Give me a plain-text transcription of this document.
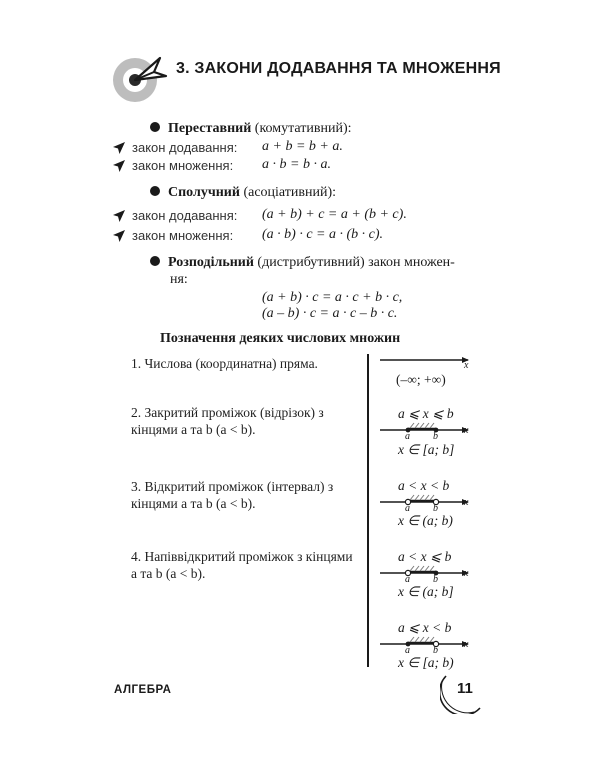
3. ЗАКОНИ ДОДАВАННЯ ТА МНОЖЕННЯ
Переставний (комутативний):
закон додавання: a + b = b + a.
закон множення: a · b = b · a.
Сполучний (асоціативний):
закон додавання: (a + b) + c = a + (b + c).
закон множення: (a · b) · c = a · (b · c).
Розподільний (дистрибутивний) закон множен-
ня:
(a + b) · c = a · c + b · c,
(a – b) · c = a · c – b · c.
Позначення деяких числових множин
1. Числова (координатна) пряма.
2. Закритий проміжок (відрізок) з кінцями a та b (a < b).
3. Відкритий проміжок (інтервал) з кінцями a та b (a < b).
4. Напіввідкритий проміжок з кінцями a та b (a < b).
x
(–∞; +∞)
a ⩽ x ⩽ b
a b
x
x ∈ [a; b]
a < x < b
a b
x
x ∈ (a; b)
a < x ⩽ b
a b
x
x ∈ (a; b]
a ⩽ x < b
a b
x
x ∈ [a; b)
АЛГЕБРА	11
